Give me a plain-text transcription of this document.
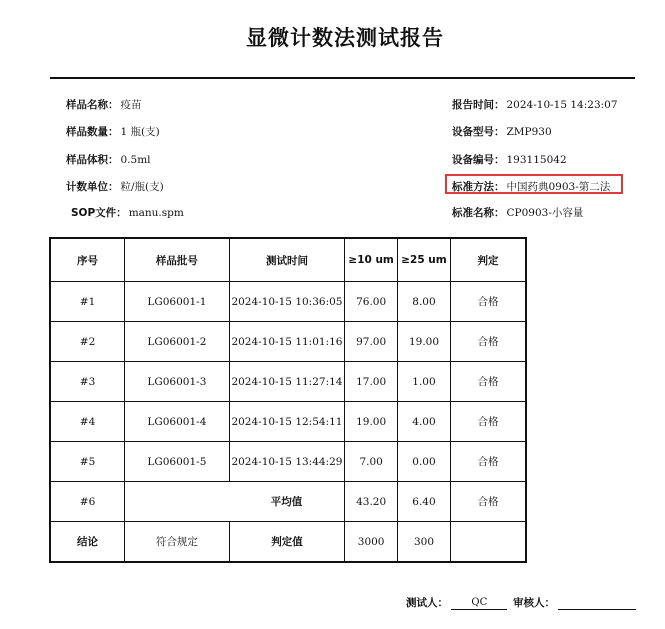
显微计数法测试报告
样品名称： 疫苗
样品数量： 1 瓶(支)
样品体积： 0.5ml
计数单位： 粒/瓶(支)
SOP文件： manu.spm
报告时间： 2024-10-15 14:23:07
设备型号： ZMP930
设备编号： 193115042
标准方法： 中国药典0903-第二法
标准名称： CP0903-小容量
序号	样品批号	测试时间	≥10 um	≥25 um	判定
#1	LG06001-1	2024-10-15 10:36:05	76.00	8.00	合格
#2	LG06001-2	2024-10-15 11:01:16	97.00	19.00	合格
#3	LG06001-3	2024-10-15 11:27:14	17.00	1.00	合格
#4	LG06001-4	2024-10-15 12:54:11	19.00	4.00	合格
#5	LG06001-5	2024-10-15 13:44:29	7.00	0.00	合格
#6	平均值		43.20	6.40	合格
结论	符合规定	判定值	3000	300	
测试人： QC	审核人：
